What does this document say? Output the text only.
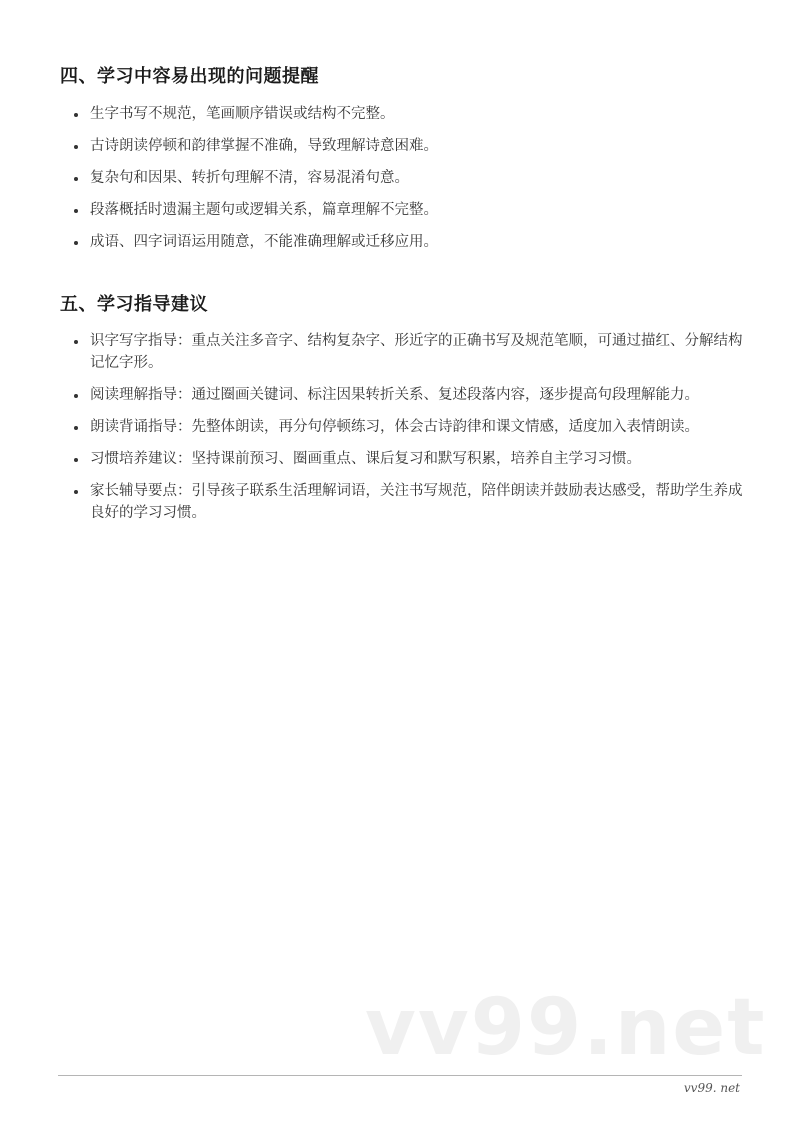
四、学习中容易出现的问题提醒
生字书写不规范，笔画顺序错误或结构不完整。
古诗朗读停顿和韵律掌握不准确，导致理解诗意困难。
复杂句和因果、转折句理解不清，容易混淆句意。
段落概括时遗漏主题句或逻辑关系，篇章理解不完整。
成语、四字词语运用随意，不能准确理解或迁移应用。
五、学习指导建议
识字写字指导：重点关注多音字、结构复杂字、形近字的正确书写及规范笔顺，可通过描红、分解结构记忆字形。
阅读理解指导：通过圈画关键词、标注因果转折关系、复述段落内容，逐步提高句段理解能力。
朗读背诵指导：先整体朗读，再分句停顿练习，体会古诗韵律和课文情感，适度加入表情朗读。
习惯培养建议：坚持课前预习、圈画重点、课后复习和默写积累，培养自主学习习惯。
家长辅导要点：引导孩子联系生活理解词语，关注书写规范，陪伴朗读并鼓励表达感受，帮助学生养成良好的学习习惯。
vv99.net
vv99. net
